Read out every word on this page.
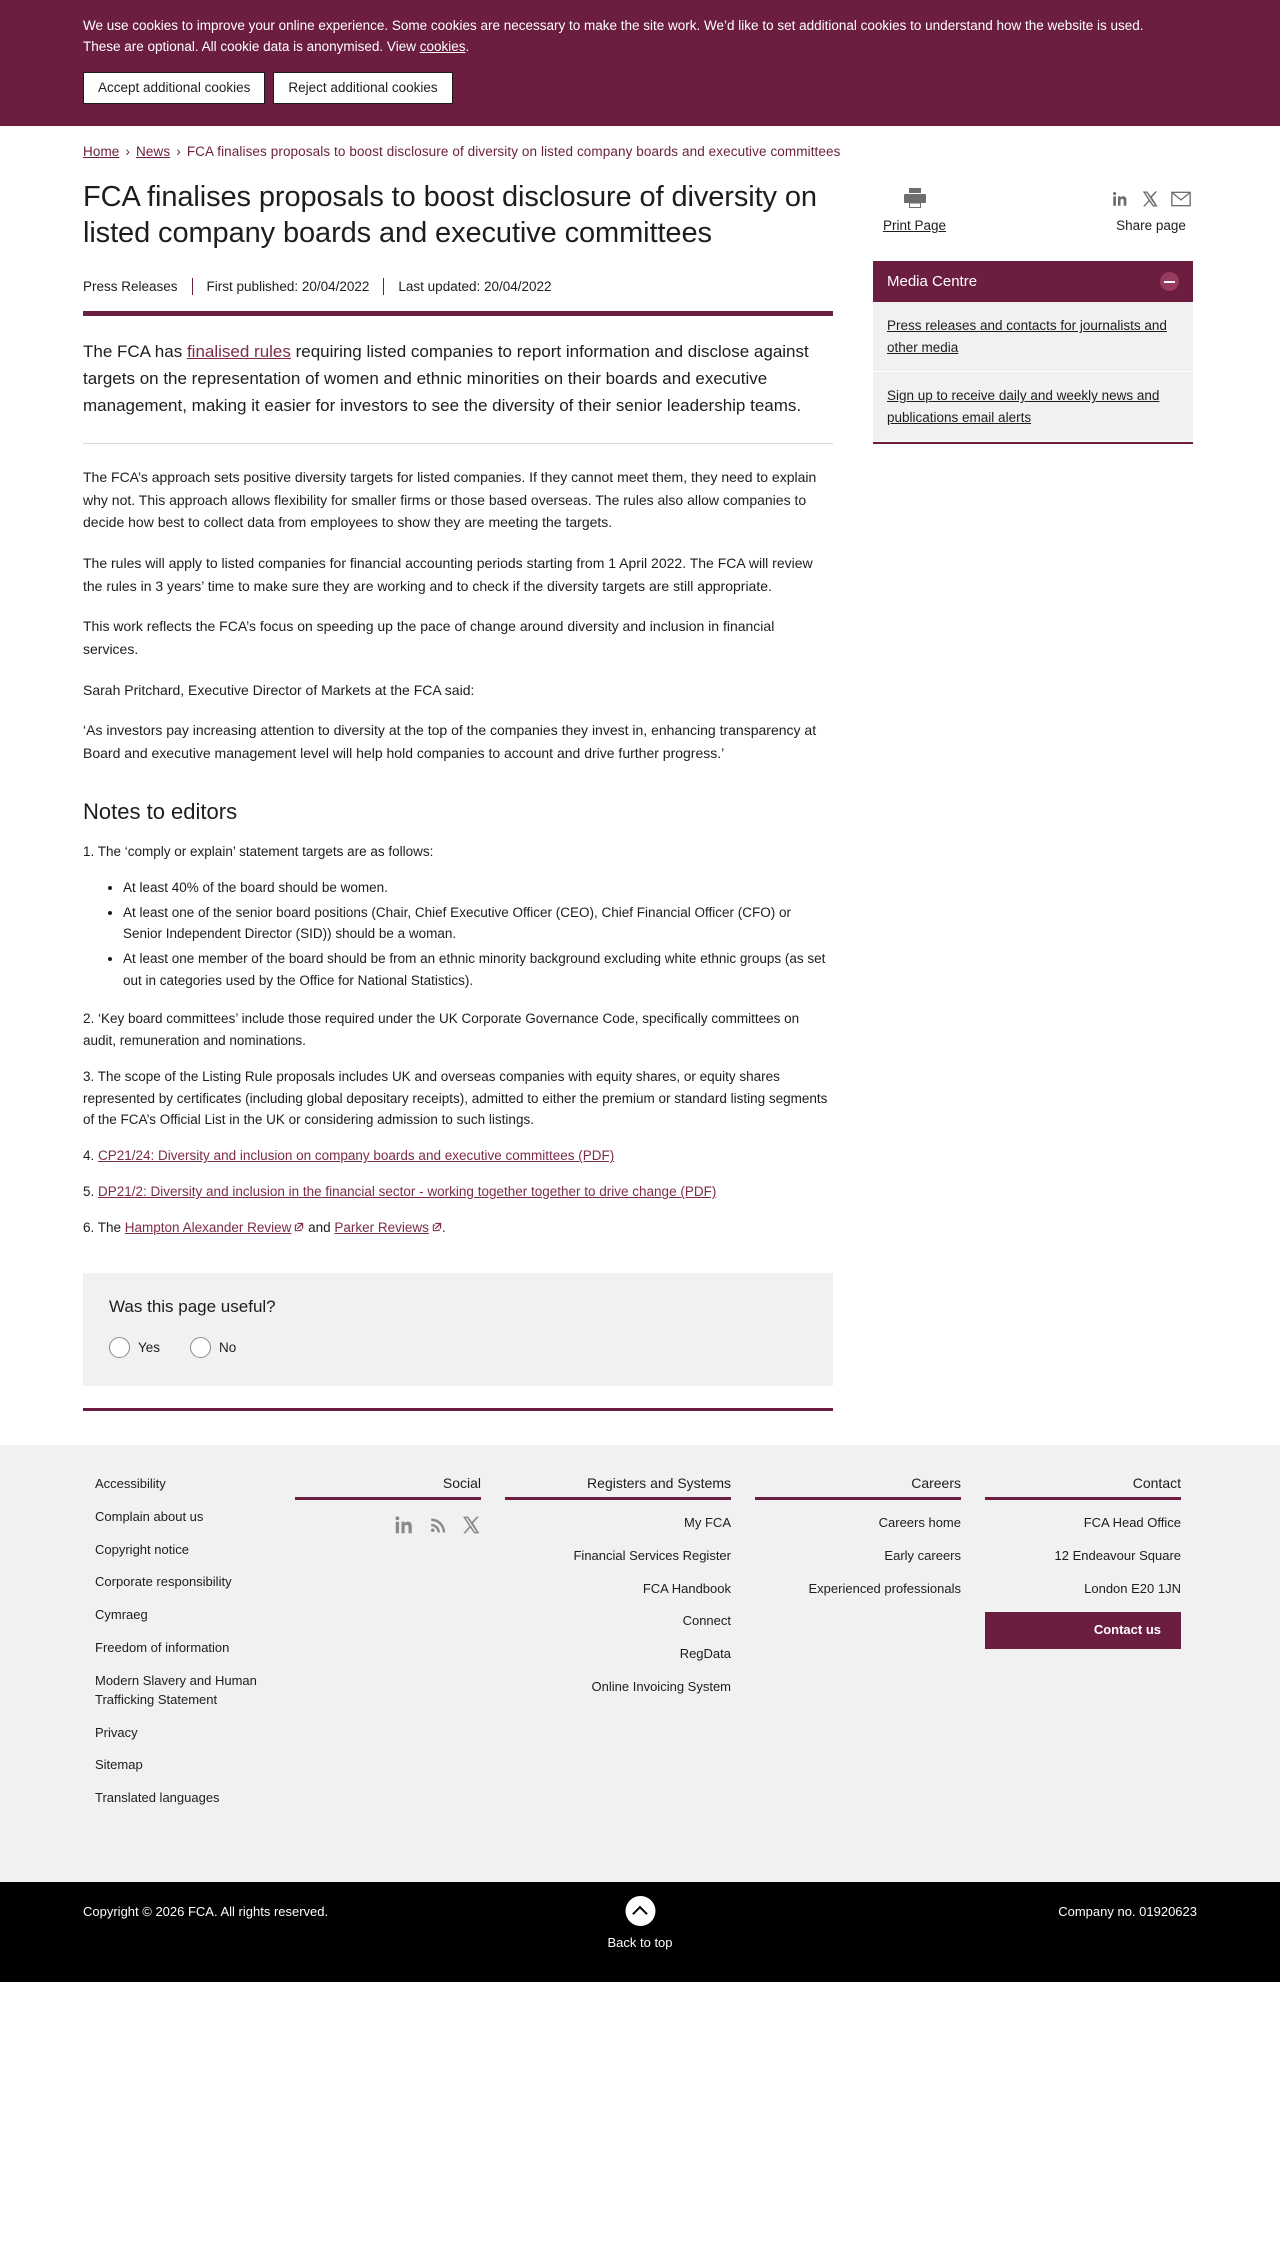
We use cookies to improve your online experience. Some cookies are necessary to make the site work. We’d like to set additional cookies to understand how the website is used. These are optional. All cookie data is anonymised. View cookies.

Accept additional cookies	Reject additional cookies
Home › News › FCA finalises proposals to boost disclosure of diversity on listed company boards and executive committees
FCA finalises proposals to boost disclosure of diversity on listed company boards and executive committees
Press Releases First published: 20/04/2022 Last updated: 20/04/2022

The FCA has finalised rules requiring listed companies to report information and disclose against targets on the representation of women and ethnic minorities on their boards and executive management, making it easier for investors to see the diversity of their senior leadership teams.

The FCA’s approach sets positive diversity targets for listed companies. If they cannot meet them, they need to explain why not. This approach allows flexibility for smaller firms or those based overseas. The rules also allow companies to decide how best to collect data from employees to show they are meeting the targets.

The rules will apply to listed companies for financial accounting periods starting from 1 April 2022. The FCA will review the rules in 3 years’ time to make sure they are working and to check if the diversity targets are still appropriate.

This work reflects the FCA’s focus on speeding up the pace of change around diversity and inclusion in financial services.

Sarah Pritchard, Executive Director of Markets at the FCA said:

‘As investors pay increasing attention to diversity at the top of the companies they invest in, enhancing transparency at Board and executive management level will help hold companies to account and drive further progress.’

Notes to editors

1. The ‘comply or explain’ statement targets are as follows:

• At least 40% of the board should be women.
• At least one of the senior board positions (Chair, Chief Executive Officer (CEO), Chief Financial Officer (CFO) or Senior Independent Director (SID)) should be a woman.
• At least one member of the board should be from an ethnic minority background excluding white ethnic groups (as set out in categories used by the Office for National Statistics).

2. ‘Key board committees’ include those required under the UK Corporate Governance Code, specifically committees on audit, remuneration and nominations.

3. The scope of the Listing Rule proposals includes UK and overseas companies with equity shares, or equity shares represented by certificates (including global depositary receipts), admitted to either the premium or standard listing segments of the FCA’s Official List in the UK or considering admission to such listings.

4. CP21/24: Diversity and inclusion on company boards and executive committees (PDF)

5. DP21/2: Diversity and inclusion in the financial sector - working together together to drive change (PDF)

6. The Hampton Alexander Review and Parker Reviews .

Was this page useful?
Yes	No
Print Page	Share page
Media Centre
Press releases and contacts for journalists and other media
Sign up to receive daily and weekly news and publications email alerts
Accessibility
Complain about us
Copyright notice
Corporate responsibility
Cymraeg
Freedom of information
Modern Slavery and Human Trafficking Statement
Privacy
Sitemap
Translated languages
Social	Registers and Systems
My FCA
Financial Services Register
FCA Handbook
Connect
RegData
Online Invoicing System
Careers
Careers home
Early careers
Experienced professionals
Contact
FCA Head Office
12 Endeavour Square
London E20 1JN
Contact us
Copyright © 2026 FCA. All rights reserved.	Company no. 01920623
Back to top
